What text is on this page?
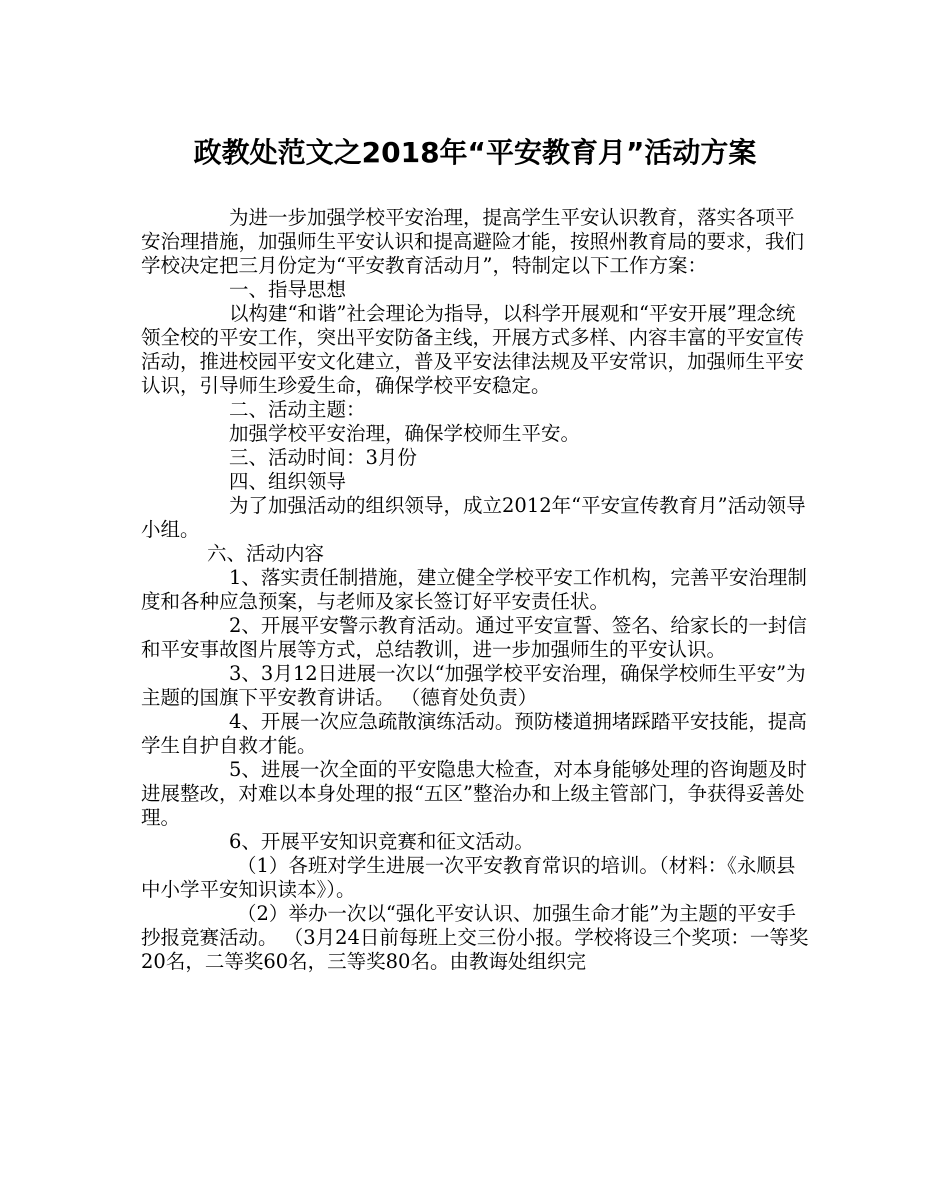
政教处范文之2018年“平安教育月”活动方案

为进一步加强学校平安治理，提高学生平安认识教育，落实各项平安治理措施，加强师生平安认识和提高避险才能，按照州教育局的要求，我们学校决定把三月份定为“平安教育活动月”，特制定以下工作方案：

一、指导思想

以构建“和谐”社会理论为指导，以科学开展观和“平安开展”理念统领全校的平安工作，突出平安防备主线，开展方式多样、内容丰富的平安宣传活动，推进校园平安文化建立，普及平安法律法规及平安常识，加强师生平安认识，引导师生珍爱生命，确保学校平安稳定。

二、活动主题：

加强学校平安治理，确保学校师生平安。

三、活动时间：3月份

四、组织领导

为了加强活动的组织领导，成立2012年“平安宣传教育月”活动领导小组。

六、活动内容

1、落实责任制措施，建立健全学校平安工作机构，完善平安治理制度和各种应急预案，与老师及家长签订好平安责任状。

2、开展平安警示教育活动。通过平安宣誓、签名、给家长的一封信和平安事故图片展等方式，总结教训，进一步加强师生的平安认识。

3、3月12日进展一次以“加强学校平安治理，确保学校师生平安”为主题的国旗下平安教育讲话。 （德育处负责）

4、开展一次应急疏散演练活动。预防楼道拥堵踩踏平安技能，提高学生自护自救才能。

5、进展一次全面的平安隐患大检查，对本身能够处理的咨询题及时进展整改，对难以本身处理的报“五区”整治办和上级主管部门，争获得妥善处理。

6、开展平安知识竞赛和征文活动。

（1）各班对学生进展一次平安教育常识的培训。（材料：《永顺县中小学平安知识读本》）。

（2）举办一次以“强化平安认识、加强生命才能”为主题的平安手抄报竞赛活动。 （3月24日前每班上交三份小报。学校将设三个奖项：一等奖20名，二等奖60名，三等奖80名。由教诲处组织完
